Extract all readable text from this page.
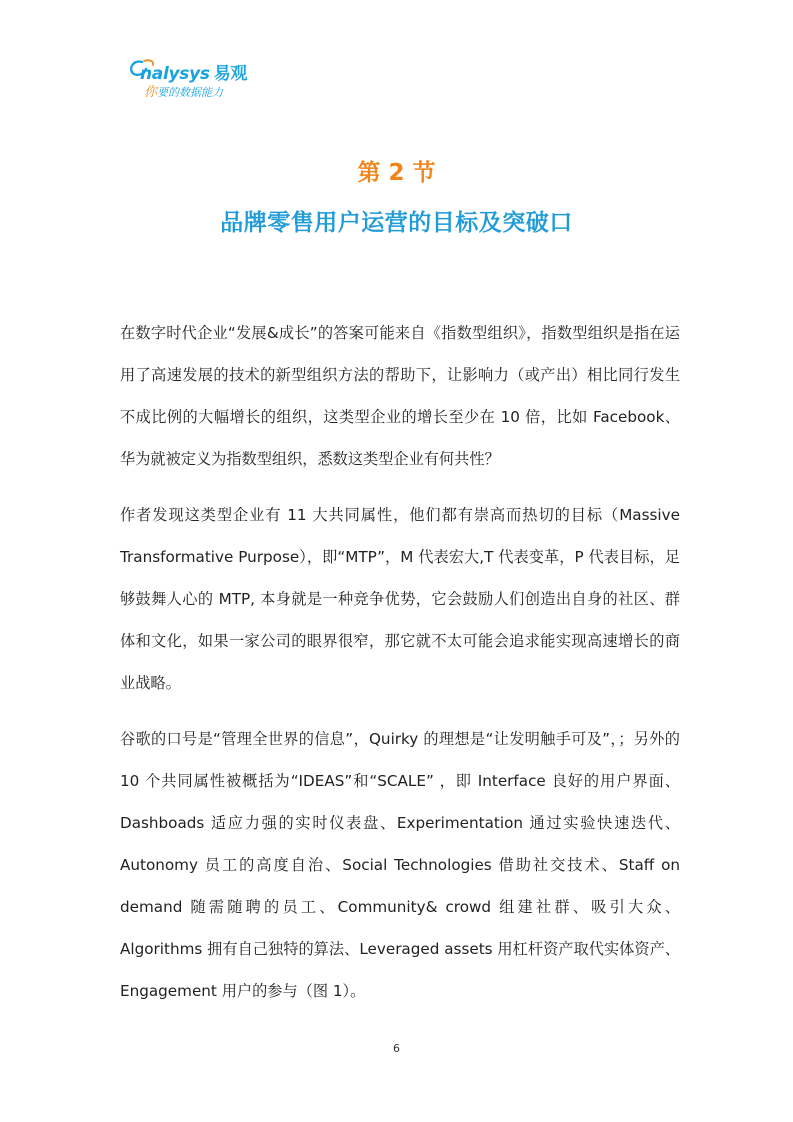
nalysys 易观
你要的数据能力
第 2 节
品牌零售用户运营的目标及突破口

在数字时代企业“发展&成长”的答案可能来自《指数型组织》，指数型组织是指在运用了高速发展的技术的新型组织方法的帮助下，让影响力（或产出）相比同行发生不成比例的大幅增长的组织，这类型企业的增长至少在 10 倍，比如 Facebook、华为就被定义为指数型组织，悉数这类型企业有何共性？

作者发现这类型企业有 11 大共同属性，他们都有崇高而热切的目标（Massive Transformative Purpose），即“MTP”，M 代表宏大,T 代表变革，P 代表目标，足够鼓舞人心的 MTP, 本身就是一种竞争优势，它会鼓励人们创造出自身的社区、群体和文化，如果一家公司的眼界很窄，那它就不太可能会追求能实现高速增长的商业战略。

谷歌的口号是“管理全世界的信息”，Quirky 的理想是“让发明触手可及”，；另外的 10 个共同属性被概括为“IDEAS”和“SCALE” ，即 Interface 良好的用户界面、Dashboads 适应力强的实时仪表盘、Experimentation 通过实验快速迭代、Autonomy 员工的高度自治、Social Technologies 借助社交技术、Staff on demand 随需随聘的员工、Community& crowd 组建社群、吸引大众、Algorithms 拥有自己独特的算法、Leveraged assets 用杠杆资产取代实体资产、Engagement 用户的参与（图 1）。

6
